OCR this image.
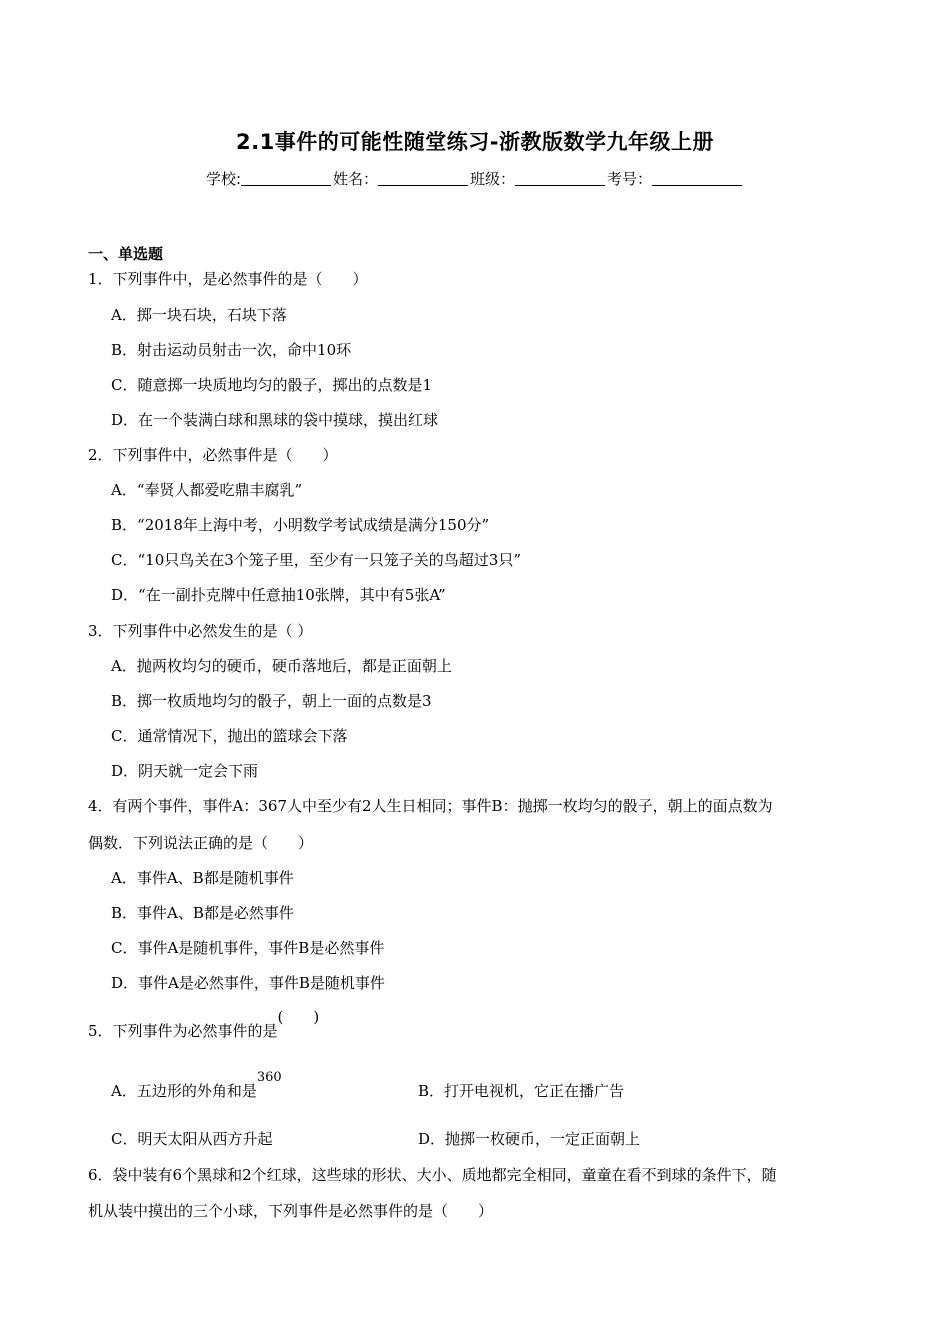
2.1事件的可能性随堂练习-浙教版数学九年级上册
学校:	姓名：	班级：	考号：
一、单选题
1．下列事件中，是必然事件的是（　　）
A．掷一块石块，石块下落
B．射击运动员射击一次，命中10环
C．随意掷一块质地均匀的骰子，掷出的点数是1
D．在一个装满白球和黑球的袋中摸球，摸出红球
2．下列事件中，必然事件是（　　）
A．“奉贤人都爱吃鼎丰腐乳”
B．“2018年上海中考，小明数学考试成绩是满分150分”
C．“10只鸟关在3个笼子里，至少有一只笼子关的鸟超过3只”
D．“在一副扑克牌中任意抽10张牌，其中有5张A”
3．下列事件中必然发生的是（ ）
A．抛两枚均匀的硬币，硬币落地后，都是正面朝上
B．掷一枚质地均匀的骰子，朝上一面的点数是3
C．通常情况下，抛出的篮球会下落
D．阴天就一定会下雨
4．有两个事件，事件A：367人中至少有2人生日相同；事件B：抛掷一枚均匀的骰子，朝上的面点数为
偶数．下列说法正确的是（　　）
A．事件A、B都是随机事件
B．事件A、B都是必然事件
C．事件A是随机事件，事件B是必然事件
D．事件A是必然事件，事件B是随机事件
5．下列事件为必然事件的是(　　)
A．五边形的外角和是360
B．打开电视机，它正在播广告
C．明天太阳从西方升起	D．抛掷一枚硬币，一定正面朝上
6．袋中装有6个黑球和2个红球，这些球的形状、大小、质地都完全相同，童童在看不到球的条件下，随
机从装中摸出的三个小球，下列事件是必然事件的是（　　）
